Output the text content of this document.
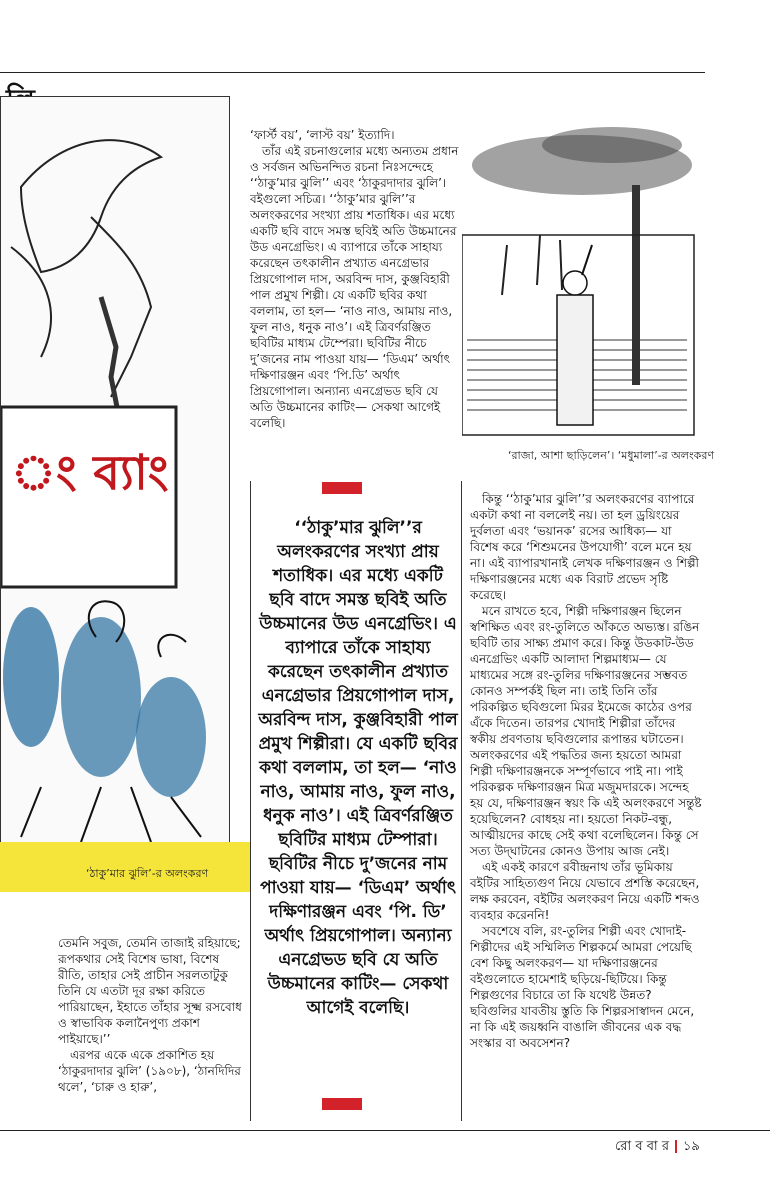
ং ব্যাং
‘ঠাকু’মার ঝুলি’-র অলংকরণ

‘ফার্স্ট বয়’, ‘লাস্ট বয়’ ইত্যাদি।

তাঁর এই রচনাগুলোর মধ্যে অন্যতম প্রধান ও সর্বজন অভিনন্দিত রচনা নিঃসন্দেহে ‘‘ঠাকু’মার ঝুলি’’ এবং ‘ঠাকুরদাদার ঝুলি’। বইগুলো সচিত্র। ‘‘ঠাকু’মার ঝুলি’’র অলংকরণের সংখ্যা প্রায় শতাধিক। এর মধ্যে একটি ছবি বাদে সমস্ত ছবিই অতি উচ্চমানের উড এনগ্রেভিং। এ ব্যাপারে তাঁকে সাহায্য করেছেন তৎকালীন প্রখ্যাত এনগ্রেভার প্রিয়গোপাল দাস, অরবিন্দ দাস, কুঞ্জবিহারী পাল প্রমুখ শিল্পী। যে একটি ছবির কথা বললাম, তা হল— ‘নাও নাও, আমায় নাও, ফুল নাও, ধনুক নাও’। এই ত্রিবর্ণরঞ্জিত ছবিটির মাধ্যম টেম্পেরা। ছবিটির নীচে দু’জনের নাম পাওয়া যায়— ‘ডিএম’ অর্থাৎ দক্ষিণারঞ্জন এবং ‘পি.ডি’ অর্থাৎ প্রিয়গোপাল। অন্যান্য এনগ্রেভড ছবি যে অতি উচ্চমানের কাটিং— সেকথা আগেই বলেছি।

‘রাজা, আশা ছাড়িলেন’। ‘মধুমালা’-র অলংকরণ
‘‘ঠাকু’মার ঝুলি’’র অলংকরণের সংখ্যা প্রায় শতাধিক। এর মধ্যে একটি ছবি বাদে সমস্ত ছবিই অতি উচ্চমানের উড এনগ্রেভিং। এ ব্যাপারে তাঁকে সাহায্য করেছেন তৎকালীন প্রখ্যাত এনগ্রেভার প্রিয়গোপাল দাস, অরবিন্দ দাস, কুঞ্জবিহারী পাল প্রমুখ শিল্পীরা। যে একটি ছবির কথা বললাম, তা হল— ‘নাও নাও, আমায় নাও, ফুল নাও, ধনুক নাও’। এই ত্রিবর্ণরঞ্জিত ছবিটির মাধ্যম টেম্পারা। ছবিটির নীচে দু’জনের নাম পাওয়া যায়— ‘ডিএম’ অর্থাৎ দক্ষিণারঞ্জন এবং ‘পি. ডি’ অর্থাৎ প্রিয়গোপাল। অন্যান্য এনগ্রেভড ছবি যে অতি উচ্চমানের কাটিং— সেকথা আগেই বলেছি।

তেমনি সবুজ, তেমনি তাজাই রহিয়াছে; রূপকথার সেই বিশেষ ভাষা, বিশেষ রীতি, তাহার সেই প্রাচীন সরলতাটুকু তিনি যে এতটা দূর রক্ষা করিতে পারিয়াছেন, ইহাতে তাঁহার সূক্ষ্ম রসবোধ ও স্বাভাবিক কলানৈপুণ্য প্রকাশ পাইয়াছে।’’

এরপর একে একে প্রকাশিত হয় ‘ঠাকুরদাদার ঝুলি’ (১৯০৮), ‘ঠানদিদির থলে’, ‘চারু ও হারু’,

কিন্তু ‘‘ঠাকু’মার ঝুলি’’র অলংকরণের ব্যাপারে একটা কথা না বললেই নয়। তা হল ড্রয়িংয়ের দুর্বলতা এবং ‘ভয়ানক’ রসের আধিক্য— যা বিশেষ করে ‘শিশুমনের উপযোগী’ বলে মনে হয় না। এই ব্যাপারখানাই লেখক দক্ষিণারঞ্জন ও শিল্পী দক্ষিণারঞ্জনের মধ্যে এক বিরাট প্রভেদ সৃষ্টি করেছে।

মনে রাখতে হবে, শিল্পী দক্ষিণারঞ্জন ছিলেন স্বশিক্ষিত এবং রং-তুলিতে আঁকতে অভ্যস্ত। রঙিন ছবিটি তার সাক্ষ্য প্রমাণ করে। কিন্তু উডকাট-উড এনগ্রেভিং একটি আলাদা শিল্পমাধ্যম— যে মাধ্যমের সঙ্গে রং-তুলির দক্ষিণারঞ্জনের সম্ভবত কোনও সম্পর্কই ছিল না। তাই তিনি তাঁর পরিকল্পিত ছবিগুলো মিরর ইমেজে কাঠের ওপর এঁকে দিতেন। তারপর খোদাই শিল্পীরা তাঁদের স্বকীয় প্রবণতায় ছবিগুলোর রূপান্তর ঘটাতেন। অলংকরণের এই পদ্ধতির জন্য হয়তো আমরা শিল্পী দক্ষিণারঞ্জনকে সম্পূর্ণভাবে পাই না। পাই পরিকল্পক দক্ষিণারঞ্জন মিত্র মজুমদারকে। সন্দেহ হয় যে, দক্ষিণারঞ্জন স্বয়ং কি এই অলংকরণে সন্তুষ্ট হয়েছিলেন? বোধহয় না। হয়তো নিকট-বন্ধু, আত্মীয়দের কাছে সেই কথা বলেছিলেন। কিন্তু সে সত্য উদ্‌ঘাটনের কোনও উপায় আজ নেই।

এই একই কারণে রবীন্দ্রনাথ তাঁর ভূমিকায় বইটির সাহিত্যগুণ নিয়ে যেভাবে প্রশস্তি করেছেন, লক্ষ করবেন, বইটির অলংকরণ নিয়ে একটি শব্দও ব্যবহার করেননি!

সবশেষে বলি, রং-তুলির শিল্পী এবং খোদাই-শিল্পীদের এই সম্মিলিত শিল্পকর্মে আমরা পেয়েছি বেশ কিছু অলংকরণ— যা দক্ষিণারঞ্জনের বইগুলোতে হামেশাই ছড়িয়ে-ছিটিয়ে। কিন্তু শিল্পগুণের বিচারে তা কি যথেষ্ট উন্নত? ছবিগুলির যাবতীয় স্তুতি কি শিল্পরসাস্বাদন মেনে, না কি এই জয়ধ্বনি বাঙালি জীবনের এক বদ্ধ সংস্কার বা অবসেশন?

রো ব বা র ১৯
